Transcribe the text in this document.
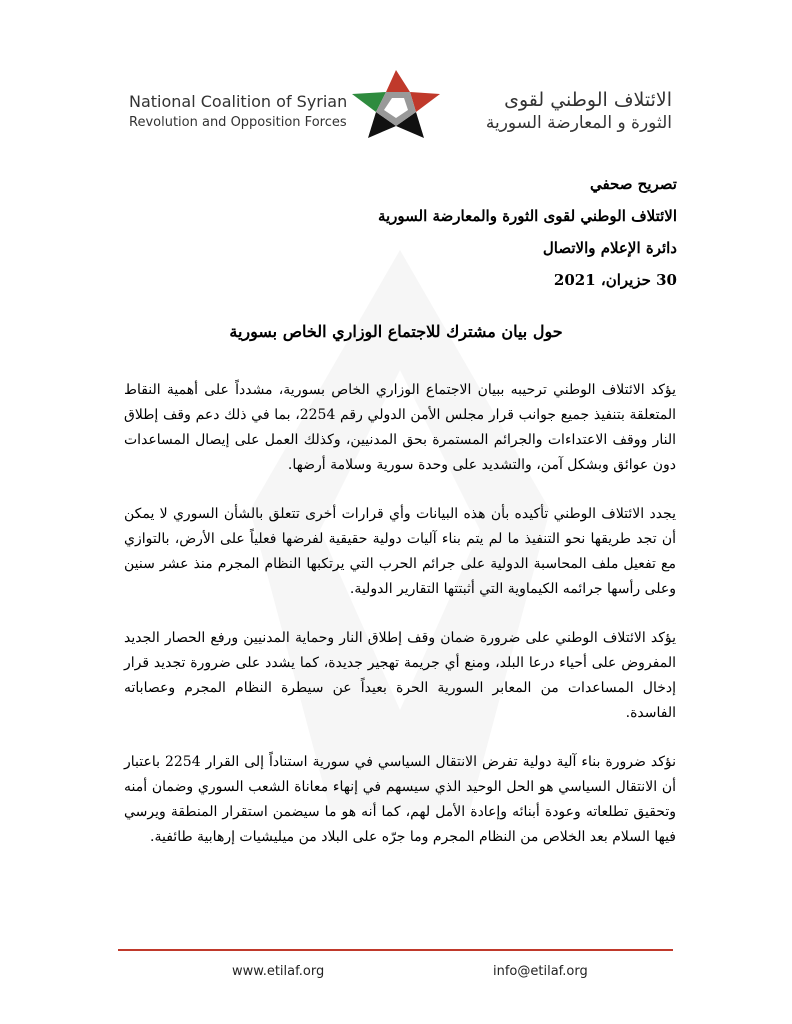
National Coalition of Syrian
Revolution and Opposition Forces
الائتلاف الوطني لقوى
الثورة و المعارضة السورية
تصريح صحفي
الائتلاف الوطني لقوى الثورة والمعارضة السورية
دائرة الإعلام والاتصال
30 حزيران، 2021
حول بيان مشترك للاجتماع الوزاري الخاص بسورية

يؤكد الائتلاف الوطني ترحيبه ببيان الاجتماع الوزاري الخاص بسورية، مشدداً على أهمية النقاط المتعلقة بتنفيذ جميع جوانب قرار مجلس الأمن الدولي رقم 2254، بما في ذلك دعم وقف إطلاق النار ووقف الاعتداءات والجرائم المستمرة بحق المدنيين، وكذلك العمل على إيصال المساعدات دون عوائق وبشكل آمن، والتشديد على وحدة سورية وسلامة أرضها.

يجدد الائتلاف الوطني تأكيده بأن هذه البيانات وأي قرارات أخرى تتعلق بالشأن السوري لا يمكن أن تجد طريقها نحو التنفيذ ما لم يتم بناء آليات دولية حقيقية لفرضها فعلياً على الأرض، بالتوازي مع تفعيل ملف المحاسبة الدولية على جرائم الحرب التي يرتكبها النظام المجرم منذ عشر سنين وعلى رأسها جرائمه الكيماوية التي أثبتتها التقارير الدولية.

يؤكد الائتلاف الوطني على ضرورة ضمان وقف إطلاق النار وحماية المدنيين ورفع الحصار الجديد المفروض على أحياء درعا البلد، ومنع أي جريمة تهجير جديدة، كما يشدد على ضرورة تجديد قرار إدخال المساعدات من المعابر السورية الحرة بعيداً عن سيطرة النظام المجرم وعصاباته الفاسدة.

نؤكد ضرورة بناء آلية دولية تفرض الانتقال السياسي في سورية استناداً إلى القرار 2254 باعتبار أن الانتقال السياسي هو الحل الوحيد الذي سيسهم في إنهاء معاناة الشعب السوري وضمان أمنه وتحقيق تطلعاته وعودة أبنائه وإعادة الأمل لهم، كما أنه هو ما سيضمن استقرار المنطقة ويرسي فيها السلام بعد الخلاص من النظام المجرم وما جرّه على البلاد من ميليشيات إرهابية طائفية.

www.etilaf.org	info@etilaf.org
